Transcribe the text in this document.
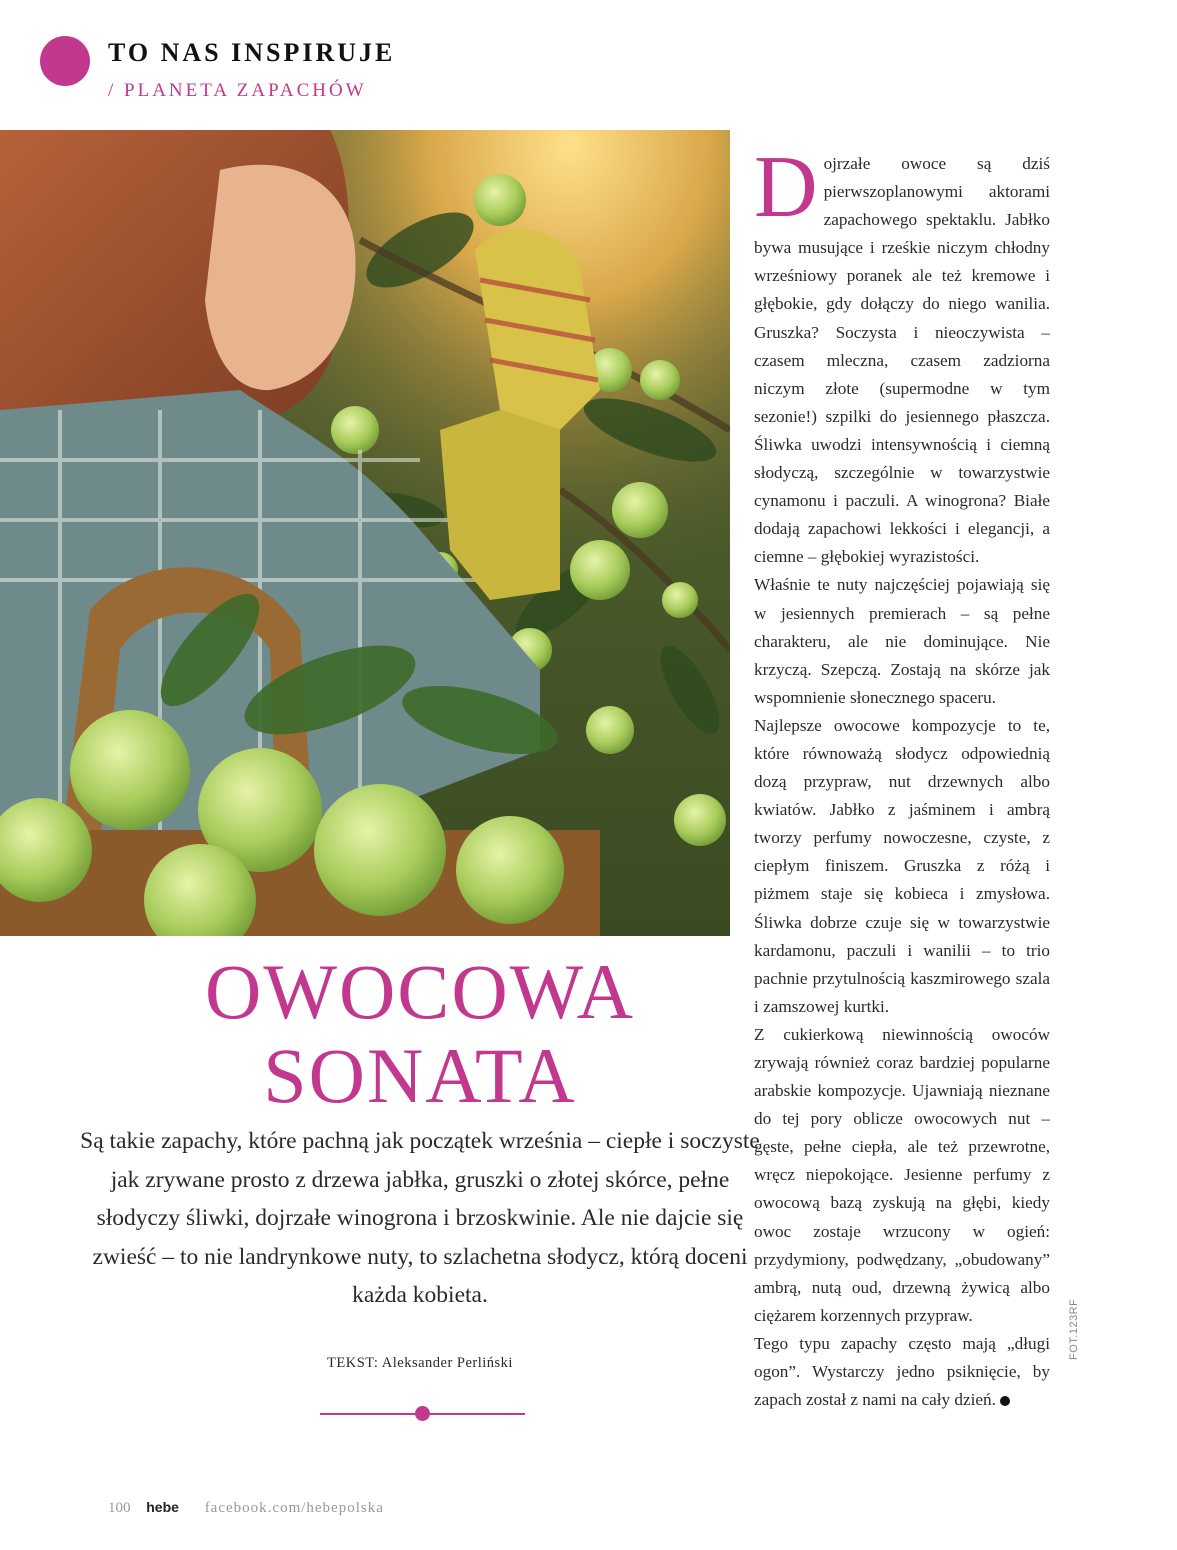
TO NAS INSPIRUJE
/ PLANETA ZAPACHÓW

Dojrzałe owoce są dziś pierwszoplanowymi aktorami zapachowego spektaklu. Jabłko bywa musujące i rześkie niczym chłodny wrześniowy poranek ale też kremowe i głębokie, gdy dołączy do niego wanilia. Gruszka? Soczysta i nieoczywista – czasem mleczna, czasem zadziorna niczym złote (supermodne w tym sezonie!) szpilki do jesiennego płaszcza. Śliwka uwodzi intensywnością i ciemną słodyczą, szczególnie w towarzystwie cynamonu i paczuli. A winogrona? Białe dodają zapachowi lekkości i elegancji, a ciemne – głębokiej wyrazistości.

Właśnie te nuty najczęściej pojawiają się w jesiennych premierach – są pełne charakteru, ale nie dominujące. Nie krzyczą. Szepczą. Zostają na skórze jak wspomnienie słonecznego spaceru.

Najlepsze owocowe kompozycje to te, które równoważą słodycz odpowiednią dozą przypraw, nut drzewnych albo kwiatów. Jabłko z jaśminem i ambrą tworzy perfumy nowoczesne, czyste, z ciepłym finiszem. Gruszka z różą i piżmem staje się kobieca i zmysłowa. Śliwka dobrze czuje się w towarzystwie kardamonu, paczuli i wanilii – to trio pachnie przytulnością kaszmirowego szala i zamszowej kurtki.

Z cukierkową niewinnością owoców zrywają również coraz bardziej popularne arabskie kompozycje. Ujawniają nieznane do tej pory oblicze owocowych nut – gęste, pełne ciepła, ale też przewrotne, wręcz niepokojące. Jesienne perfumy z owocową bazą zyskują na głębi, kiedy owoc zostaje wrzucony w ogień: przydymiony, podwędzany, „obudowany” ambrą, nutą oud, drzewną żywicą albo ciężarem korzennych przypraw.

Tego typu zapachy często mają „długi ogon”. Wystarczy jedno psiknięcie, by zapach został z nami na cały dzień.

OWOCOWA
SONATA
Są takie zapachy, które pachną jak początek września – ciepłe i soczyste jak zrywane prosto z drzewa jabłka, gruszki o złotej skórce, pełne słodyczy śliwki, dojrzałe winogrona i brzoskwinie. Ale nie dajcie się zwieść – to nie landrynkowe nuty, to szlachetna słodycz, którą doceni każda kobieta.
TEKST: Aleksander Perliński
FOT.123RF
100 hebe facebook.com/hebepolska
